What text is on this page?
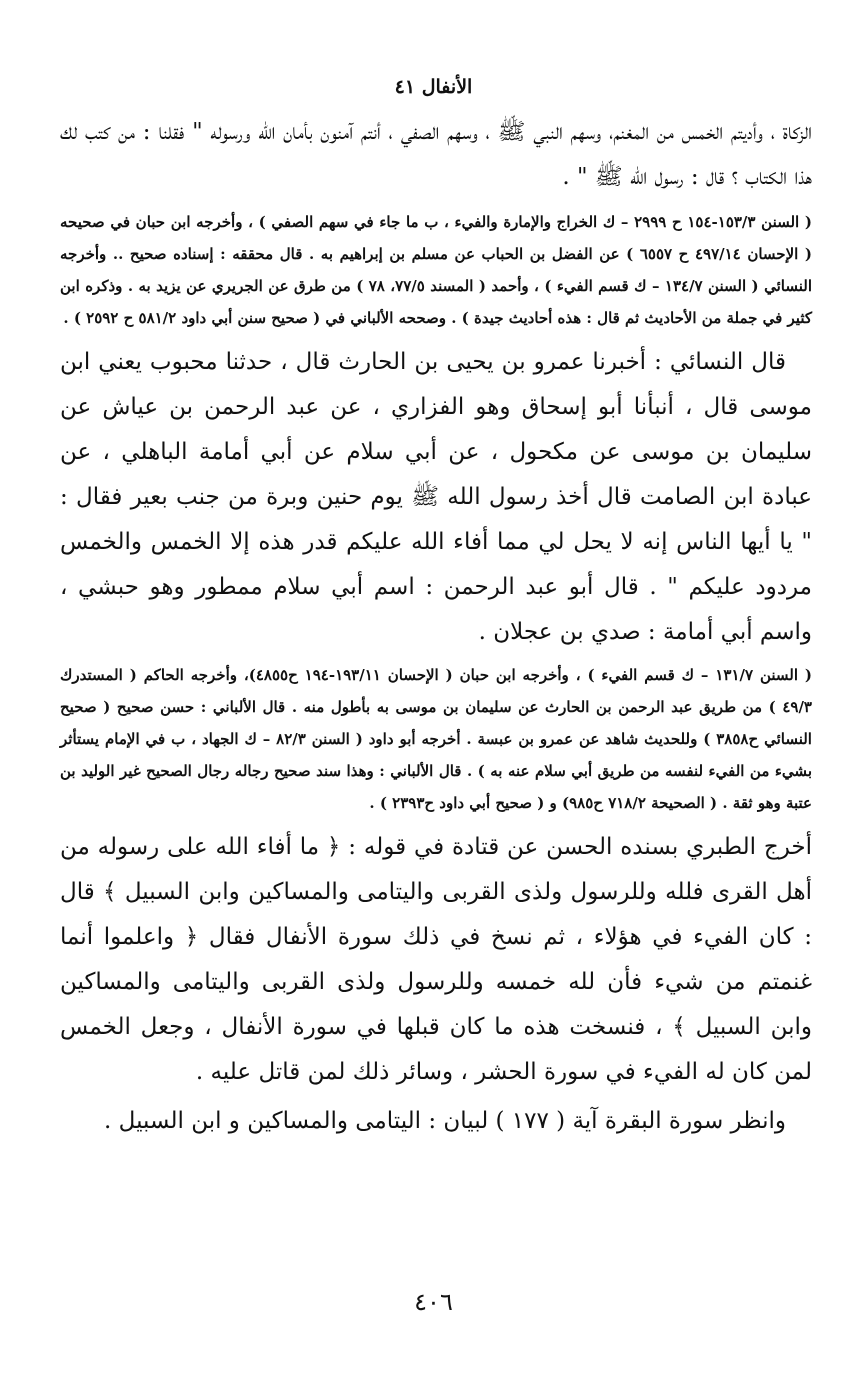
الأنفال ٤١

الزكاة ، وأديتم الخمس من المغنم، وسهم النبي ﷺ ، وسهم الصفي ، أنتم آمنون بأمان الله ورسوله " فقلنا : من كتب لك هذا الكتاب ؟ قال : رسول الله ﷺ " .

( السنن ١٥٣/٣-١٥٤ ح ٢٩٩٩ – ك الخراج والإمارة والفيء ، ب ما جاء في سهم الصفي ) ، وأخرجه ابن حبان في صحيحه ( الإحسان ٤٩٧/١٤ ح ٦٥٥٧ ) عن الفضل بن الحباب عن مسلم بن إبراهيم به . قال محققه : إسناده صحيح .. وأخرجه النسائي ( السنن ١٣٤/٧ – ك قسم الفيء ) ، وأحمد ( المسند ٧٧/٥، ٧٨ ) من طرق عن الجريري عن يزيد به . وذكره ابن كثير في جملة من الأحاديث ثم قال : هذه أحاديث جيدة ) . وصححه الألباني في ( صحيح سنن أبي داود ٥٨١/٢ ح ٢٥٩٢ ) .

قال النسائي : أخبرنا عمرو بن يحيى بن الحارث قال ، حدثنا محبوب يعني ابن موسى قال ، أنبأنا أبو إسحاق وهو الفزاري ، عن عبد الرحمن بن عياش عن سليمان بن موسى عن مكحول ، عن أبي سلام عن أبي أمامة الباهلي ، عن عبادة ابن الصامت قال أخذ رسول الله ﷺ يوم حنين وبرة من جنب بعير فقال : " يا أيها الناس إنه لا يحل لي مما أفاء الله عليكم قدر هذه إلا الخمس والخمس مردود عليكم " . قال أبو عبد الرحمن : اسم أبي سلام ممطور وهو حبشي ، واسم أبي أمامة : صدي بن عجلان .

( السنن ١٣١/٧ – ك قسم الفيء ) ، وأخرجه ابن حبان ( الإحسان ١٩٣/١١-١٩٤ ح٤٨٥٥)، وأخرجه الحاكم ( المستدرك ٤٩/٣ ) من طريق عبد الرحمن بن الحارث عن سليمان بن موسى به بأطول منه . قال الألباني : حسن صحيح ( صحيح النسائي ح٣٨٥٨ ) وللحديث شاهد عن عمرو بن عبسة . أخرجه أبو داود ( السنن ٨٢/٣ – ك الجهاد ، ب في الإمام يستأثر بشيء من الفيء لنفسه من طريق أبي سلام عنه به ) . قال الألباني : وهذا سند صحيح رجاله رجال الصحيح غير الوليد بن عتبة وهو ثقة . ( الصحيحة ٧١٨/٢ ح٩٨٥) و ( صحيح أبي داود ح٢٣٩٣ ) .

أخرج الطبري بسنده الحسن عن قتادة في قوله : ﴿ ما أفاء الله على رسوله من أهل القرى فلله وللرسول ولذى القربى واليتامى والمساكين وابن السبيل ﴾ قال : كان الفيء في هؤلاء ، ثم نسخ في ذلك سورة الأنفال فقال ﴿ واعلموا أنما غنمتم من شيء فأن لله خمسه وللرسول ولذى القربى واليتامى والمساكين وابن السبيل ﴾ ، فنسخت هذه ما كان قبلها في سورة الأنفال ، وجعل الخمس لمن كان له الفيء في سورة الحشر ، وسائر ذلك لمن قاتل عليه .

وانظر سورة البقرة آية ( ١٧٧ ) لبيان : اليتامى والمساكين و ابن السبيل .

٤٠٦
